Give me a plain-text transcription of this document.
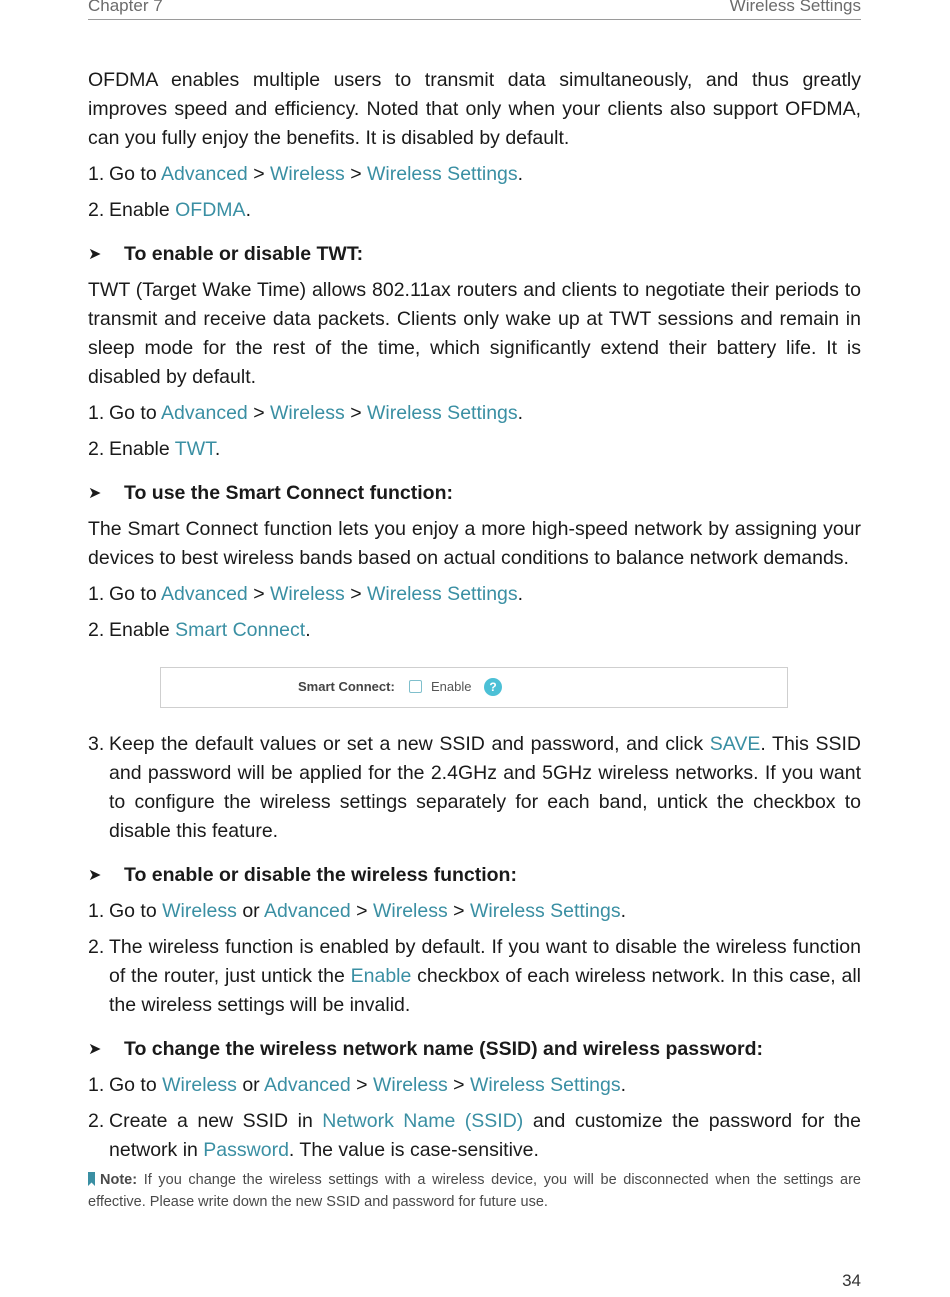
Chapter 7	Wireless Settings

OFDMA enables multiple users to transmit data simultaneously, and thus greatly improves speed and efficiency. Noted that only when your clients also support OFDMA, can you fully enjoy the benefits. It is disabled by default.

1. Go to Advanced > Wireless > Wireless Settings.

2. Enable OFDMA.

➤ To enable or disable TWT:

TWT (Target Wake Time) allows 802.11ax routers and clients to negotiate their periods to transmit and receive data packets. Clients only wake up at TWT sessions and remain in sleep mode for the rest of the time, which significantly extend their battery life. It is disabled by default.

1. Go to Advanced > Wireless > Wireless Settings.

2. Enable TWT.

➤ To use the Smart Connect function:

The Smart Connect function lets you enjoy a more high-speed network by assigning your devices to best wireless bands based on actual conditions to balance network demands.

1. Go to Advanced > Wireless > Wireless Settings.

2. Enable Smart Connect.

Smart Connect:	Enable	?

3. Keep the default values or set a new SSID and password, and click SAVE. This SSID and password will be applied for the 2.4GHz and 5GHz wireless networks. If you want to configure the wireless settings separately for each band, untick the checkbox to disable this feature.

➤ To enable or disable the wireless function:

1. Go to Wireless or Advanced > Wireless > Wireless Settings.

2. The wireless function is enabled by default. If you want to disable the wireless function of the router, just untick the Enable checkbox of each wireless network. In this case, all the wireless settings will be invalid.

➤ To change the wireless network name (SSID) and wireless password:

1. Go to Wireless or Advanced > Wireless > Wireless Settings.

2. Create a new SSID in Network Name (SSID) and customize the password for the network in Password. The value is case-sensitive.

Note: If you change the wireless settings with a wireless device, you will be disconnected when the settings are effective. Please write down the new SSID and password for future use.

34
